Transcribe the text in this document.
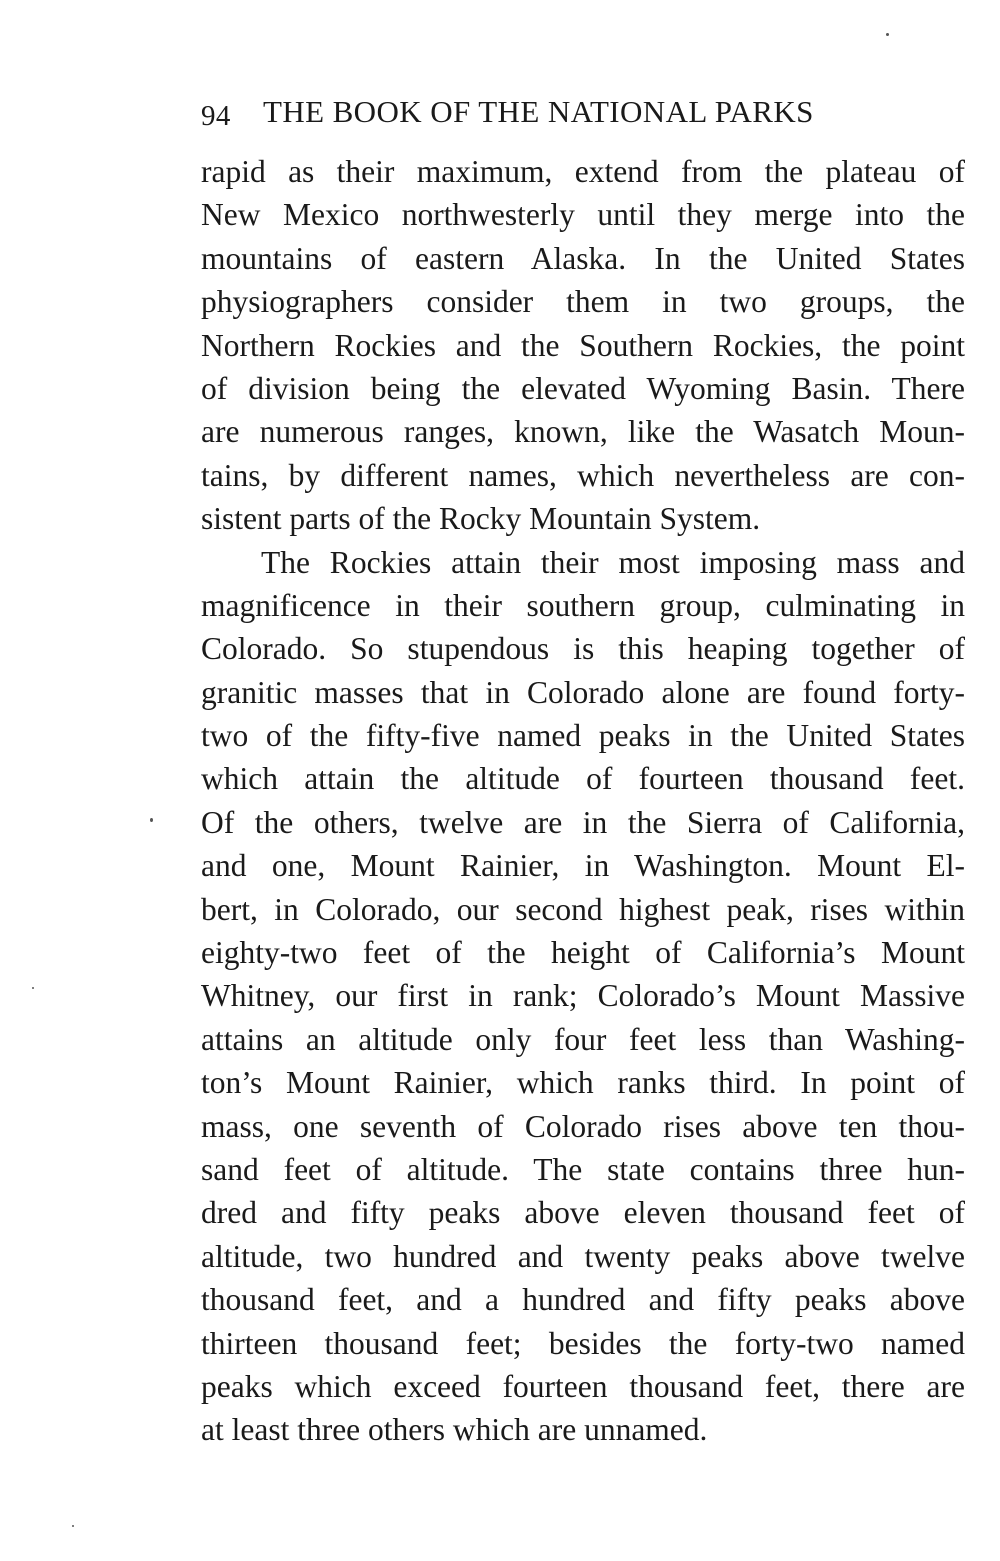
94 THE BOOK OF THE NATIONAL PARKS
rapid as their maximum, extend from the plateau of
New Mexico northwesterly until they merge into the
mountains of eastern Alaska. In the United States
physiographers consider them in two groups, the
Northern Rockies and the Southern Rockies, the point
of division being the elevated Wyoming Basin. There
are numerous ranges, known, like the Wasatch Moun-
tains, by different names, which nevertheless are con-
sistent parts of the Rocky Mountain System.
The Rockies attain their most imposing mass and
magnificence in their southern group, culminating in
Colorado. So stupendous is this heaping together of
granitic masses that in Colorado alone are found forty-
two of the fifty-five named peaks in the United States
which attain the altitude of fourteen thousand feet.
Of the others, twelve are in the Sierra of California,
and one, Mount Rainier, in Washington. Mount El-
bert, in Colorado, our second highest peak, rises within
eighty-two feet of the height of California’s Mount
Whitney, our first in rank; Colorado’s Mount Massive
attains an altitude only four feet less than Washing-
ton’s Mount Rainier, which ranks third. In point of
mass, one seventh of Colorado rises above ten thou-
sand feet of altitude. The state contains three hun-
dred and fifty peaks above eleven thousand feet of
altitude, two hundred and twenty peaks above twelve
thousand feet, and a hundred and fifty peaks above
thirteen thousand feet; besides the forty-two named
peaks which exceed fourteen thousand feet, there are
at least three others which are unnamed.
